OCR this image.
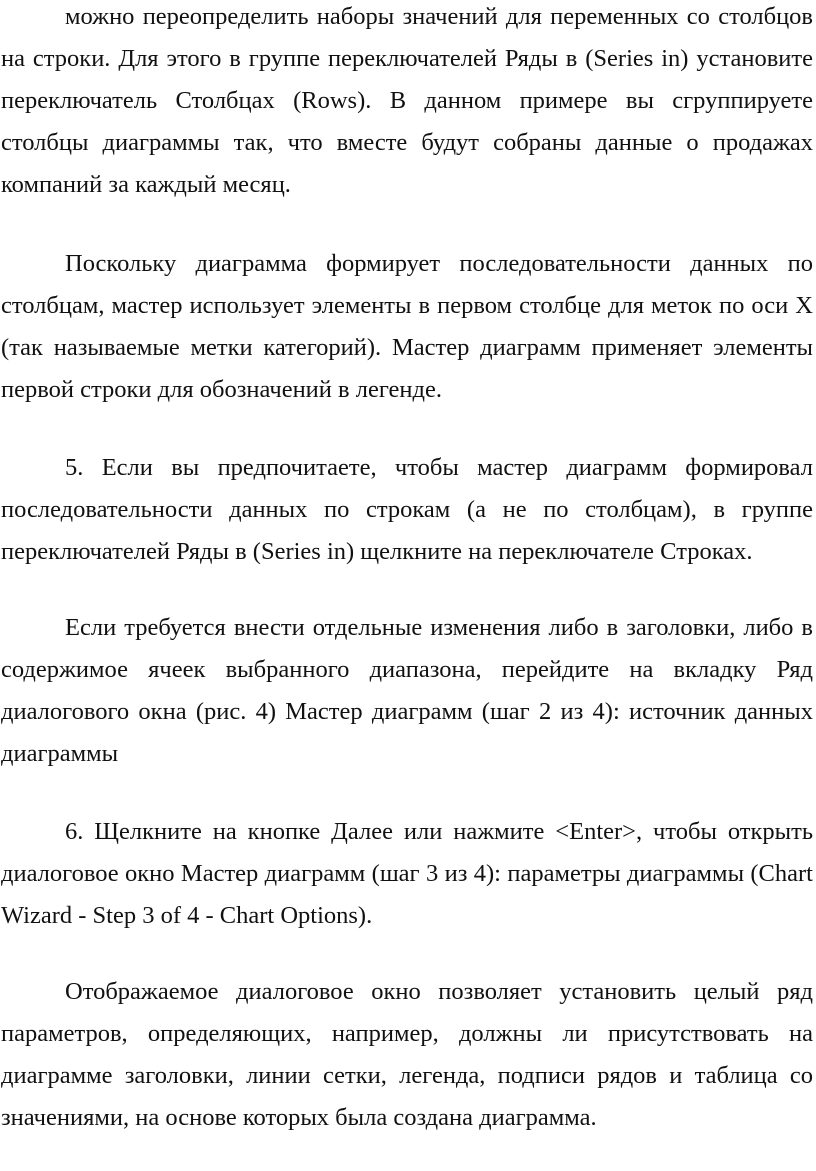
можно переопределить наборы значений для переменных со столбцов на строки. Для этого в группе переключателей Ряды в (Series in) установите переключатель Столбцах (Rows). В данном примере вы сгруппируете столбцы диаграммы так, что вместе будут собраны данные о продажах компаний за каждый месяц.

Поскольку диаграмма формирует последовательности данных по столбцам, мастер использует элементы в первом столбце для меток по оси X (так называемые метки категорий). Мастер диаграмм применяет элементы первой строки для обозначений в легенде.

5. Если вы предпочитаете, чтобы мастер диаграмм формировал последовательности данных по строкам (а не по столбцам), в группе переключателей Ряды в (Series in) щелкните на переключателе Строках.

Если требуется внести отдельные изменения либо в заголовки, либо в содержимое ячеек выбранного диапазона, перейдите на вкладку Ряд диалогового окна (рис. 4) Мастер диаграмм (шаг 2 из 4): источник данных диаграммы

6. Щелкните на кнопке Далее или нажмите <Enter>, чтобы открыть диалоговое окно Мастер диаграмм (шаг 3 из 4): параметры диаграммы (Chart Wizard - Step 3 of 4 - Chart Options).

Отображаемое диалоговое окно позволяет установить целый ряд параметров, определяющих, например, должны ли присутствовать на диаграмме заголовки, линии сетки, легенда, подписи рядов и таблица со значениями, на основе которых была создана диаграмма.
